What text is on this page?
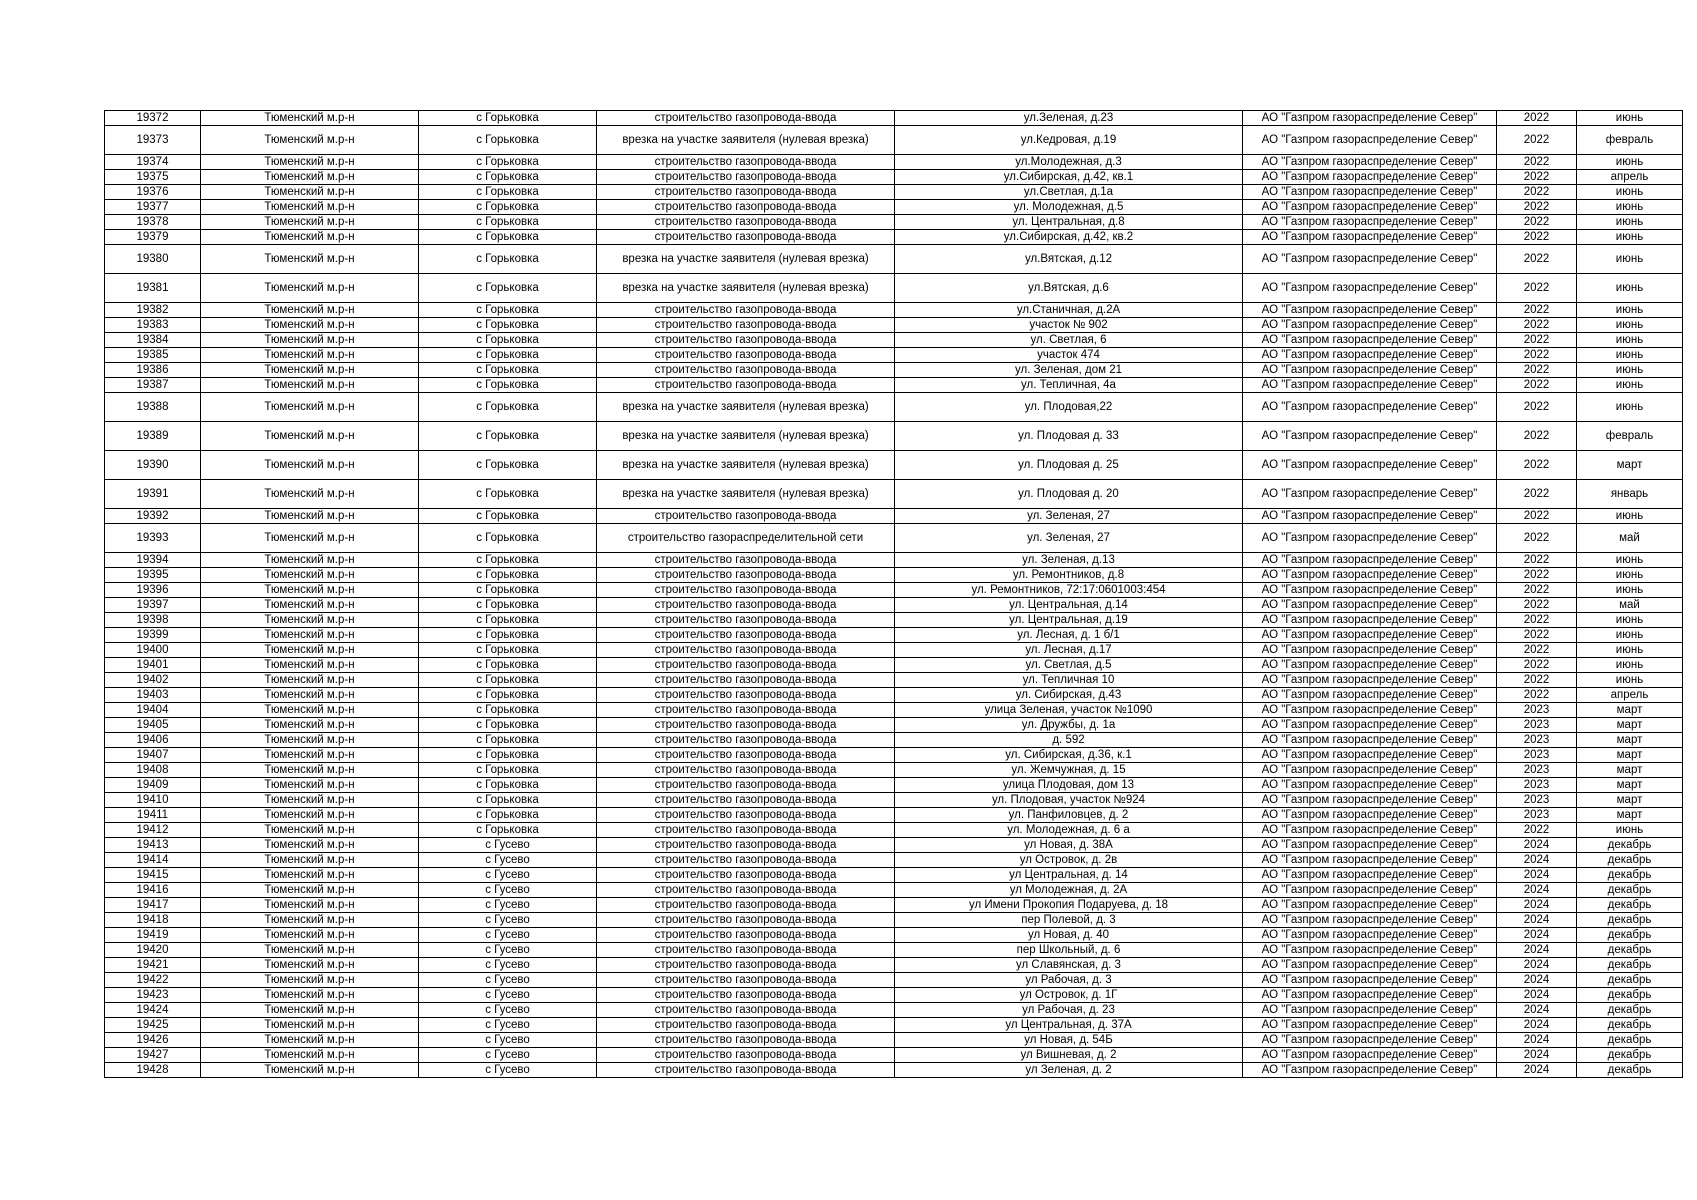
19372	Тюменский м.р-н	с Горьковка	строительство газопровода-ввода	ул.Зеленая, д.23	АО "Газпром газораспределение Север"	2022	июнь
19373	Тюменский м.р-н	с Горьковка	врезка на участке заявителя (нулевая врезка)	ул.Кедровая, д.19	АО "Газпром газораспределение Север"	2022	февраль
19374	Тюменский м.р-н	с Горьковка	строительство газопровода-ввода	ул.Молодежная, д.3	АО "Газпром газораспределение Север"	2022	июнь
19375	Тюменский м.р-н	с Горьковка	строительство газопровода-ввода	ул.Сибирская, д.42, кв.1	АО "Газпром газораспределение Север"	2022	апрель
19376	Тюменский м.р-н	с Горьковка	строительство газопровода-ввода	ул.Светлая, д.1а	АО "Газпром газораспределение Север"	2022	июнь
19377	Тюменский м.р-н	с Горьковка	строительство газопровода-ввода	ул. Молодежная, д.5	АО "Газпром газораспределение Север"	2022	июнь
19378	Тюменский м.р-н	с Горьковка	строительство газопровода-ввода	ул. Центральная, д.8	АО "Газпром газораспределение Север"	2022	июнь
19379	Тюменский м.р-н	с Горьковка	строительство газопровода-ввода	ул.Сибирская, д.42, кв.2	АО "Газпром газораспределение Север"	2022	июнь
19380	Тюменский м.р-н	с Горьковка	врезка на участке заявителя (нулевая врезка)	ул.Вятская, д.12	АО "Газпром газораспределение Север"	2022	июнь
19381	Тюменский м.р-н	с Горьковка	врезка на участке заявителя (нулевая врезка)	ул.Вятская, д.6	АО "Газпром газораспределение Север"	2022	июнь
19382	Тюменский м.р-н	с Горьковка	строительство газопровода-ввода	ул.Станичная, д.2А	АО "Газпром газораспределение Север"	2022	июнь
19383	Тюменский м.р-н	с Горьковка	строительство газопровода-ввода	участок № 902	АО "Газпром газораспределение Север"	2022	июнь
19384	Тюменский м.р-н	с Горьковка	строительство газопровода-ввода	ул. Светлая, 6	АО "Газпром газораспределение Север"	2022	июнь
19385	Тюменский м.р-н	с Горьковка	строительство газопровода-ввода	участок 474	АО "Газпром газораспределение Север"	2022	июнь
19386	Тюменский м.р-н	с Горьковка	строительство газопровода-ввода	ул. Зеленая, дом 21	АО "Газпром газораспределение Север"	2022	июнь
19387	Тюменский м.р-н	с Горьковка	строительство газопровода-ввода	ул. Тепличная, 4а	АО "Газпром газораспределение Север"	2022	июнь
19388	Тюменский м.р-н	с Горьковка	врезка на участке заявителя (нулевая врезка)	ул. Плодовая,22	АО "Газпром газораспределение Север"	2022	июнь
19389	Тюменский м.р-н	с Горьковка	врезка на участке заявителя (нулевая врезка)	ул. Плодовая д. 33	АО "Газпром газораспределение Север"	2022	февраль
19390	Тюменский м.р-н	с Горьковка	врезка на участке заявителя (нулевая врезка)	ул. Плодовая д. 25	АО "Газпром газораспределение Север"	2022	март
19391	Тюменский м.р-н	с Горьковка	врезка на участке заявителя (нулевая врезка)	ул. Плодовая д. 20	АО "Газпром газораспределение Север"	2022	январь
19392	Тюменский м.р-н	с Горьковка	строительство газопровода-ввода	ул. Зеленая, 27	АО "Газпром газораспределение Север"	2022	июнь
19393	Тюменский м.р-н	с Горьковка	строительство газораспределительной сети	ул. Зеленая, 27	АО "Газпром газораспределение Север"	2022	май
19394	Тюменский м.р-н	с Горьковка	строительство газопровода-ввода	ул. Зеленая, д.13	АО "Газпром газораспределение Север"	2022	июнь
19395	Тюменский м.р-н	с Горьковка	строительство газопровода-ввода	ул. Ремонтников, д.8	АО "Газпром газораспределение Север"	2022	июнь
19396	Тюменский м.р-н	с Горьковка	строительство газопровода-ввода	ул. Ремонтников, 72:17:0601003:454	АО "Газпром газораспределение Север"	2022	июнь
19397	Тюменский м.р-н	с Горьковка	строительство газопровода-ввода	ул. Центральная, д.14	АО "Газпром газораспределение Север"	2022	май
19398	Тюменский м.р-н	с Горьковка	строительство газопровода-ввода	ул. Центральная, д.19	АО "Газпром газораспределение Север"	2022	июнь
19399	Тюменский м.р-н	с Горьковка	строительство газопровода-ввода	ул. Лесная, д. 1 б/1	АО "Газпром газораспределение Север"	2022	июнь
19400	Тюменский м.р-н	с Горьковка	строительство газопровода-ввода	ул. Лесная, д.17	АО "Газпром газораспределение Север"	2022	июнь
19401	Тюменский м.р-н	с Горьковка	строительство газопровода-ввода	ул. Светлая, д.5	АО "Газпром газораспределение Север"	2022	июнь
19402	Тюменский м.р-н	с Горьковка	строительство газопровода-ввода	ул. Тепличная 10	АО "Газпром газораспределение Север"	2022	июнь
19403	Тюменский м.р-н	с Горьковка	строительство газопровода-ввода	ул. Сибирская, д.43	АО "Газпром газораспределение Север"	2022	апрель
19404	Тюменский м.р-н	с Горьковка	строительство газопровода-ввода	улица Зеленая, участок №1090	АО "Газпром газораспределение Север"	2023	март
19405	Тюменский м.р-н	с Горьковка	строительство газопровода-ввода	ул. Дружбы, д. 1а	АО "Газпром газораспределение Север"	2023	март
19406	Тюменский м.р-н	с Горьковка	строительство газопровода-ввода	д. 592	АО "Газпром газораспределение Север"	2023	март
19407	Тюменский м.р-н	с Горьковка	строительство газопровода-ввода	ул. Сибирская, д.36, к.1	АО "Газпром газораспределение Север"	2023	март
19408	Тюменский м.р-н	с Горьковка	строительство газопровода-ввода	ул. Жемчужная, д. 15	АО "Газпром газораспределение Север"	2023	март
19409	Тюменский м.р-н	с Горьковка	строительство газопровода-ввода	улица Плодовая, дом 13	АО "Газпром газораспределение Север"	2023	март
19410	Тюменский м.р-н	с Горьковка	строительство газопровода-ввода	ул. Плодовая, участок №924	АО "Газпром газораспределение Север"	2023	март
19411	Тюменский м.р-н	с Горьковка	строительство газопровода-ввода	ул. Панфиловцев, д. 2	АО "Газпром газораспределение Север"	2023	март
19412	Тюменский м.р-н	с Горьковка	строительство газопровода-ввода	ул. Молодежная, д. 6 а	АО "Газпром газораспределение Север"	2022	июнь
19413	Тюменский м.р-н	с Гусево	строительство газопровода-ввода	ул Новая, д. 38А	АО "Газпром газораспределение Север"	2024	декабрь
19414	Тюменский м.р-н	с Гусево	строительство газопровода-ввода	ул Островок, д. 2в	АО "Газпром газораспределение Север"	2024	декабрь
19415	Тюменский м.р-н	с Гусево	строительство газопровода-ввода	ул Центральная, д. 14	АО "Газпром газораспределение Север"	2024	декабрь
19416	Тюменский м.р-н	с Гусево	строительство газопровода-ввода	ул Молодежная, д. 2А	АО "Газпром газораспределение Север"	2024	декабрь
19417	Тюменский м.р-н	с Гусево	строительство газопровода-ввода	ул Имени Прокопия Подаруева, д. 18	АО "Газпром газораспределение Север"	2024	декабрь
19418	Тюменский м.р-н	с Гусево	строительство газопровода-ввода	пер Полевой, д. 3	АО "Газпром газораспределение Север"	2024	декабрь
19419	Тюменский м.р-н	с Гусево	строительство газопровода-ввода	ул Новая, д. 40	АО "Газпром газораспределение Север"	2024	декабрь
19420	Тюменский м.р-н	с Гусево	строительство газопровода-ввода	пер Школьный, д. 6	АО "Газпром газораспределение Север"	2024	декабрь
19421	Тюменский м.р-н	с Гусево	строительство газопровода-ввода	ул Славянская, д. 3	АО "Газпром газораспределение Север"	2024	декабрь
19422	Тюменский м.р-н	с Гусево	строительство газопровода-ввода	ул Рабочая, д. 3	АО "Газпром газораспределение Север"	2024	декабрь
19423	Тюменский м.р-н	с Гусево	строительство газопровода-ввода	ул Островок, д. 1Г	АО "Газпром газораспределение Север"	2024	декабрь
19424	Тюменский м.р-н	с Гусево	строительство газопровода-ввода	ул Рабочая, д. 23	АО "Газпром газораспределение Север"	2024	декабрь
19425	Тюменский м.р-н	с Гусево	строительство газопровода-ввода	ул Центральная, д. 37А	АО "Газпром газораспределение Север"	2024	декабрь
19426	Тюменский м.р-н	с Гусево	строительство газопровода-ввода	ул Новая, д. 54Б	АО "Газпром газораспределение Север"	2024	декабрь
19427	Тюменский м.р-н	с Гусево	строительство газопровода-ввода	ул Вишневая, д. 2	АО "Газпром газораспределение Север"	2024	декабрь
19428	Тюменский м.р-н	с Гусево	строительство газопровода-ввода	ул Зеленая, д. 2	АО "Газпром газораспределение Север"	2024	декабрь
